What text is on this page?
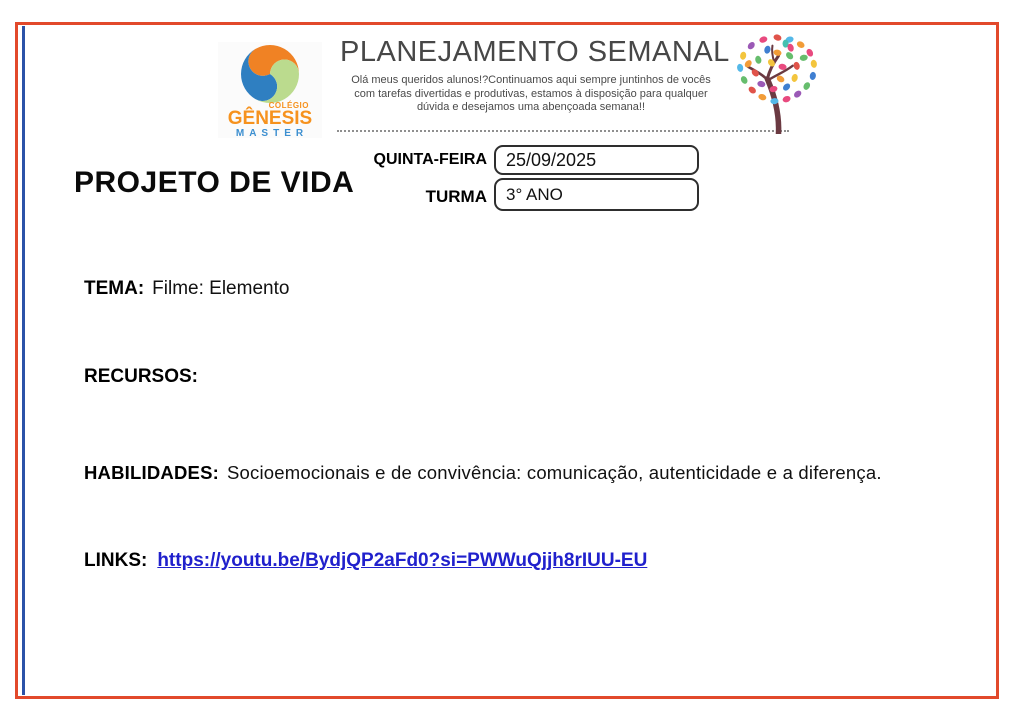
COLÉGIO
GÊNESIS
MASTER
PLANEJAMENTO SEMANAL
Olá meus queridos alunos!?Continuamos aqui sempre juntinhos de vocês
com tarefas divertidas e produtivas, estamos à disposição para qualquer
dúvida e desejamos uma abençoada semana!!
PROJETO DE VIDA
QUINTA-FEIRA 25/09/2025
TURMA 3° ANO
TEMA: Filme: Elemento
RECURSOS:
HABILIDADES: Socioemocionais e de convivência: comunicação, autenticidade e a diferença.
LINKS: https://youtu.be/BydjQP2aFd0?si=PWWuQjjh8rIUU-EU
